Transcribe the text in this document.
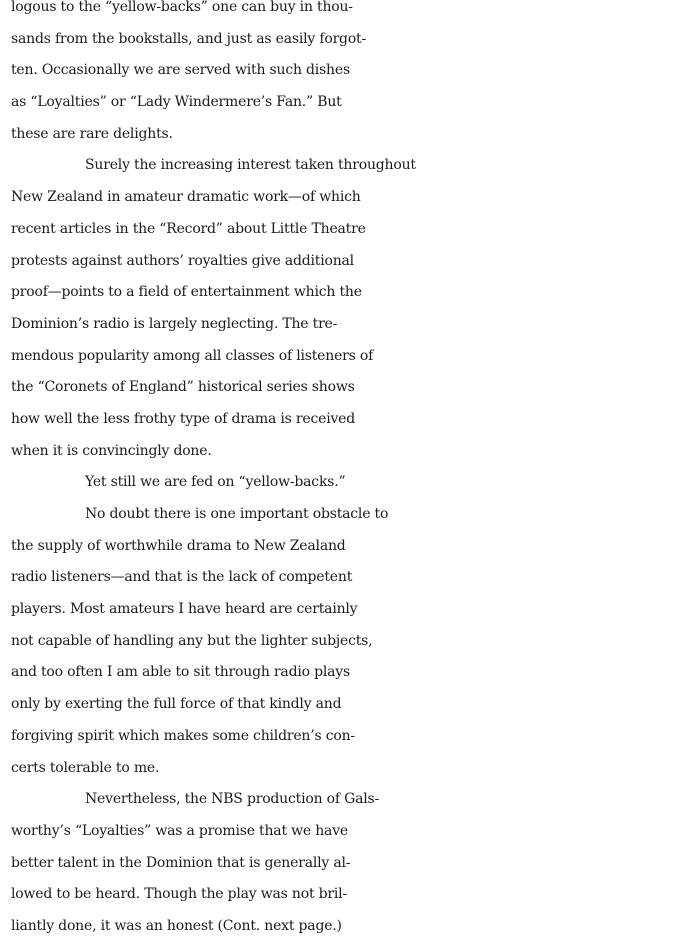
logous to the “yellow-backs” one can buy in thou-
sands from the bookstalls, and just as easily forgot-
ten. Occasionally we are served with such dishes
as “Loyalties” or “Lady Windermere’s Fan.” But
these are rare delights.
Surely the increasing interest taken throughout
New Zealand in amateur dramatic work—of which
recent articles in the “Record” about Little Theatre
protests against authors’ royalties give additional
proof—points to a field of entertainment which the
Dominion’s radio is largely neglecting. The tre-
mendous popularity among all classes of listeners of
the “Coronets of England” historical series shows
how well the less frothy type of drama is received
when it is convincingly done.
Yet still we are fed on “yellow-backs.”
No doubt there is one important obstacle to
the supply of worthwhile drama to New Zealand
radio listeners—and that is the lack of competent
players. Most amateurs I have heard are certainly
not capable of handling any but the lighter subjects,
and too often I am able to sit through radio plays
only by exerting the full force of that kindly and
forgiving spirit which makes some children’s con-
certs tolerable to me.
Nevertheless, the NBS production of Gals-
worthy’s “Loyalties” was a promise that we have
better talent in the Dominion that is generally al-
lowed to be heard. Though the play was not bril-
liantly done, it was an honest (Cont. next page.)
